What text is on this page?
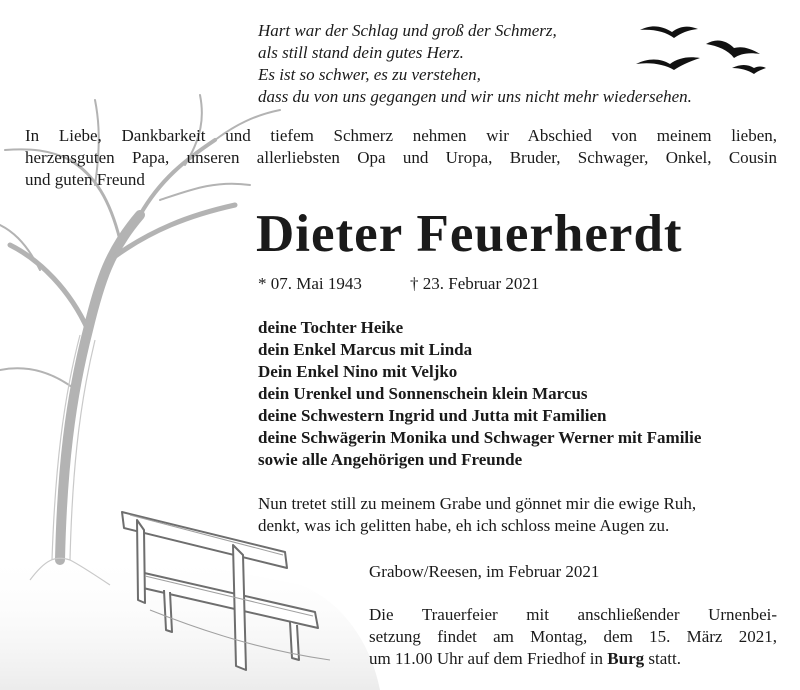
Hart war der Schlag und groß der Schmerz,
als still stand dein gutes Herz.
Es ist so schwer, es zu verstehen,
dass du von uns gegangen und wir uns nicht mehr wiedersehen.
In Liebe, Dankbarkeit und tiefem Schmerz nehmen wir Abschied von meinem lieben,
herzensguten Papa, unseren allerliebsten Opa und Uropa, Bruder, Schwager, Onkel, Cousin
und guten Freund
Dieter Feuerherdt
* 07. Mai 1943	† 23. Februar 2021
deine Tochter Heike
dein Enkel Marcus mit Linda
Dein Enkel Nino mit Veljko
dein Urenkel und Sonnenschein klein Marcus
deine Schwestern Ingrid und Jutta mit Familien
deine Schwägerin Monika und Schwager Werner mit Familie
sowie alle Angehörigen und Freunde
Nun tretet still zu meinem Grabe und gönnet mir die ewige Ruh,
denkt, was ich gelitten habe, eh ich schloss meine Augen zu.
Grabow/Reesen, im Februar 2021
Die Trauerfeier mit anschließender Urnenbei-
setzung findet am Montag, dem 15. März 2021,
um 11.00 Uhr auf dem Friedhof in Burg statt.
